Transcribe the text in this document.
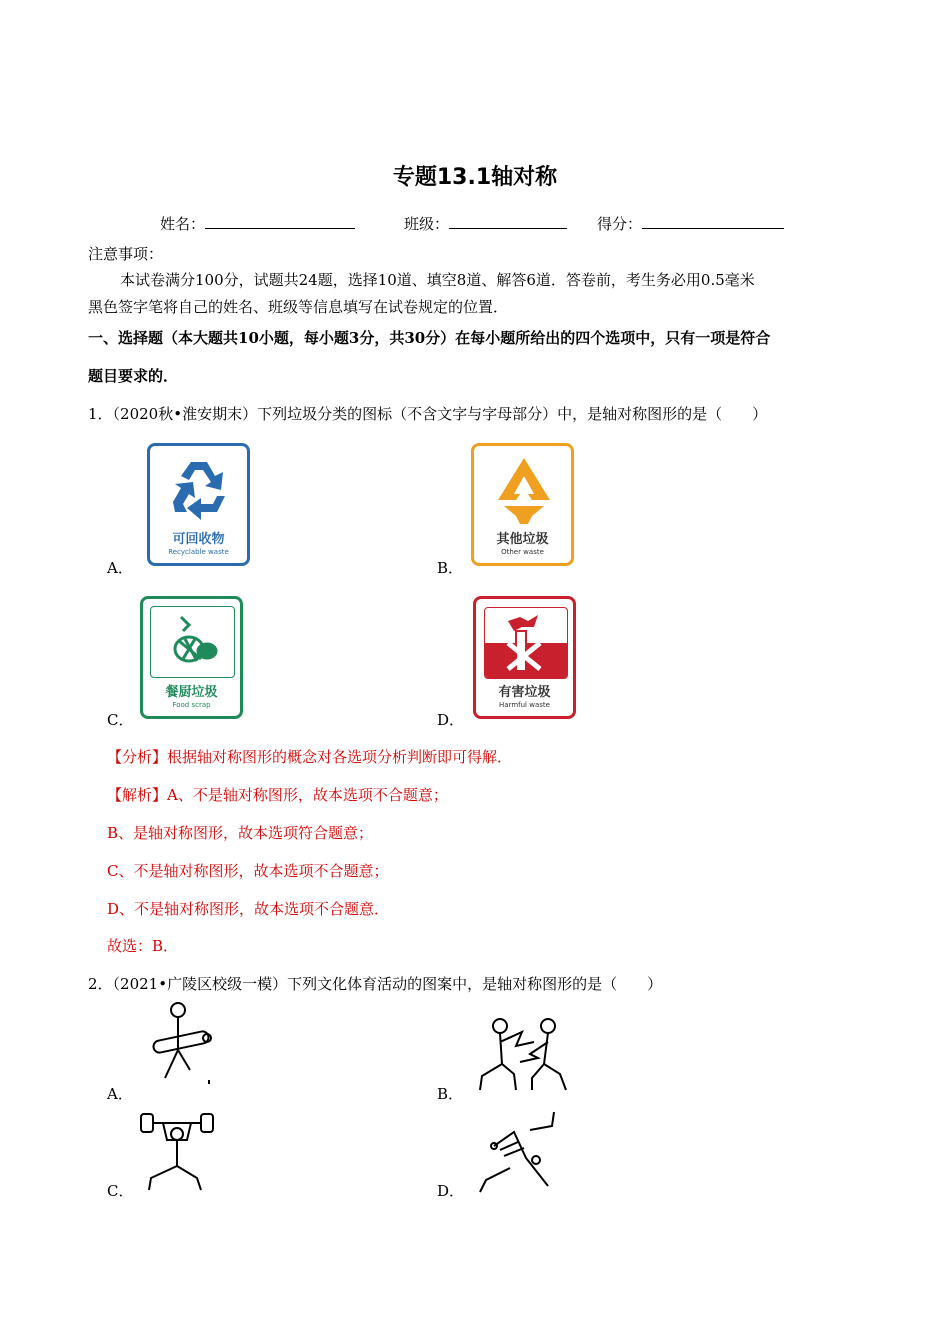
专题13.1轴对称
姓名：	班级：	得分：
注意事项：
本试卷满分100分，试题共24题，选择10道、填空8道、解答6道．答卷前，考生务必用0.5毫米
黑色签字笔将自己的姓名、班级等信息填写在试卷规定的位置．
一、选择题（本大题共10小题，每小题3分，共30分）在每小题所给出的四个选项中，只有一项是符合
题目要求的．
1．（2020秋•淮安期末）下列垃圾分类的图标（不含文字与字母部分）中，是轴对称图形的是（　　）
A．
可回收物
Recyclable waste
B．
其他垃圾
Other waste
C．
餐厨垃圾
Food scrap
D．
有害垃圾
Harmful waste
【分析】根据轴对称图形的概念对各选项分析判断即可得解．
【解析】A、不是轴对称图形，故本选项不合题意；
B、是轴对称图形，故本选项符合题意；
C、不是轴对称图形，故本选项不合题意；
D、不是轴对称图形，故本选项不合题意．
故选：B．
2．（2021•广陵区校级一模）下列文化体育活动的图案中，是轴对称图形的是（　　）
A．	B．
C．	D．
